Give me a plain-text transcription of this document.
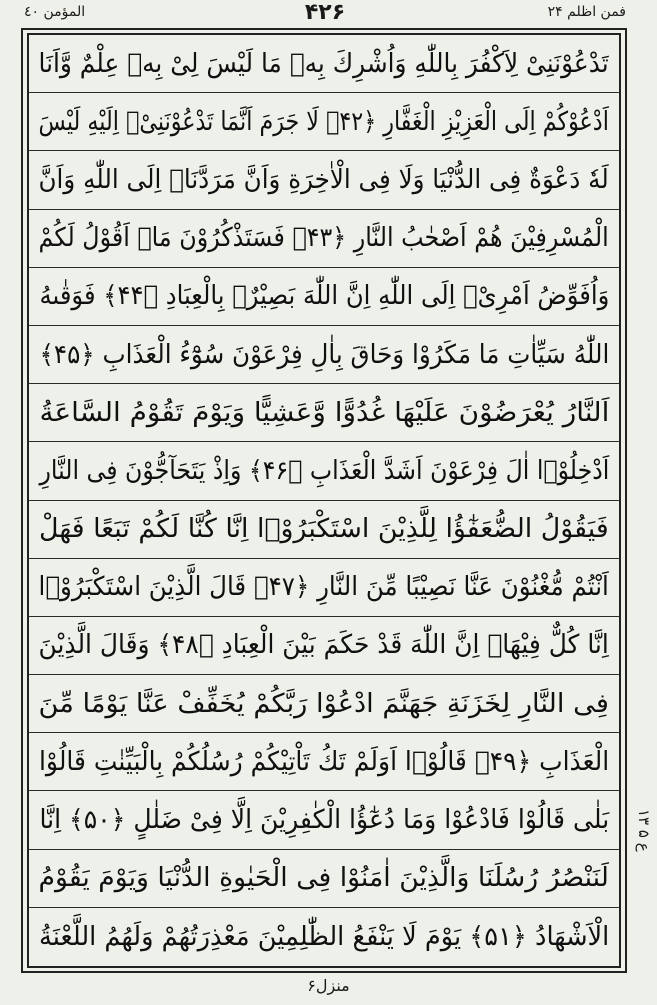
المؤمن ٤٠	۴۲۶	فمن اظلم ۲۴
تَدْعُوْنَنِیْ لِاَكْفُرَ بِاللّٰهِ وَاُشْرِكَ بِهٖ مَا لَیْسَ لِیْ بِهٖ عِلْمٌ وَّاَنَا
اَدْعُوْكُمْ اِلَى الْعَزِیْزِ الْغَفَّارِ ﴿۴۲﴾ لَا جَرَمَ اَنَّمَا تَدْعُوْنَنِیْۤ اِلَیْهِ لَیْسَ
لَهٗ دَعْوَةٌ فِی الدُّنْیَا وَلَا فِی الْاٰخِرَةِ وَاَنَّ مَرَدَّنَاۤ اِلَى اللّٰهِ وَاَنَّ
الْمُسْرِفِیْنَ هُمْ اَصْحٰبُ النَّارِ ﴿۴۳﴾ فَسَتَذْكُرُوْنَ مَاۤ اَقُوْلُ لَكُمْ
وَاُفَوِّضُ اَمْرِیْۤ اِلَى اللّٰهِ اِنَّ اللّٰهَ بَصِیْرٌۢ بِالْعِبَادِ ﴿۴۴﴾ فَوَقٰىهُ
اللّٰهُ سَیِّاٰتِ مَا مَكَرُوْا وَحَاقَ بِاٰلِ فِرْعَوْنَ سُوْٓءُ الْعَذَابِ ﴿۴۵﴾
اَلنَّارُ یُعْرَضُوْنَ عَلَیْهَا غُدُوًّا وَّعَشِیًّا وَیَوْمَ تَقُوْمُ السَّاعَةُ
اَدْخِلُوْۤا اٰلَ فِرْعَوْنَ اَشَدَّ الْعَذَابِ ﴿۴۶﴾ وَاِذْ یَتَحَآجُّوْنَ فِی النَّارِ
فَیَقُوْلُ الضُّعَفٰٓؤُا لِلَّذِیْنَ اسْتَكْبَرُوْۤا اِنَّا كُنَّا لَكُمْ تَبَعًا فَهَلْ
اَنْتُمْ مُّغْنُوْنَ عَنَّا نَصِیْبًا مِّنَ النَّارِ ﴿۴۷﴾ قَالَ الَّذِیْنَ اسْتَكْبَرُوْۤا
اِنَّا كُلٌّ فِیْهَاۤ اِنَّ اللّٰهَ قَدْ حَكَمَ بَیْنَ الْعِبَادِ ﴿۴۸﴾ وَقَالَ الَّذِیْنَ
فِی النَّارِ لِخَزَنَةِ جَهَنَّمَ ادْعُوْا رَبَّكُمْ یُخَفِّفْ عَنَّا یَوْمًا مِّنَ
الْعَذَابِ ﴿۴۹﴾ قَالُوْۤا اَوَلَمْ تَكُ تَاْتِیْكُمْ رُسُلُكُمْ بِالْبَیِّنٰتِ قَالُوْا
بَلٰى قَالُوْا فَادْعُوْا وَمَا دُعٰٓؤُا الْكٰفِرِیْنَ اِلَّا فِیْ ضَلٰلٍ ﴿۵۰﴾ اِنَّا
لَنَنْصُرُ رُسُلَنَا وَالَّذِیْنَ اٰمَنُوْا فِی الْحَیٰوةِ الدُّنْیَا وَیَوْمَ یَقُوْمُ
الْاَشْهَادُ ﴿۵۱﴾ یَوْمَ لَا یَنْفَعُ الظّٰلِمِیْنَ مَعْذِرَتُهُمْ وَلَهُمُ اللَّعْنَةُ
ع ۵ ۱۳
منزل۶
